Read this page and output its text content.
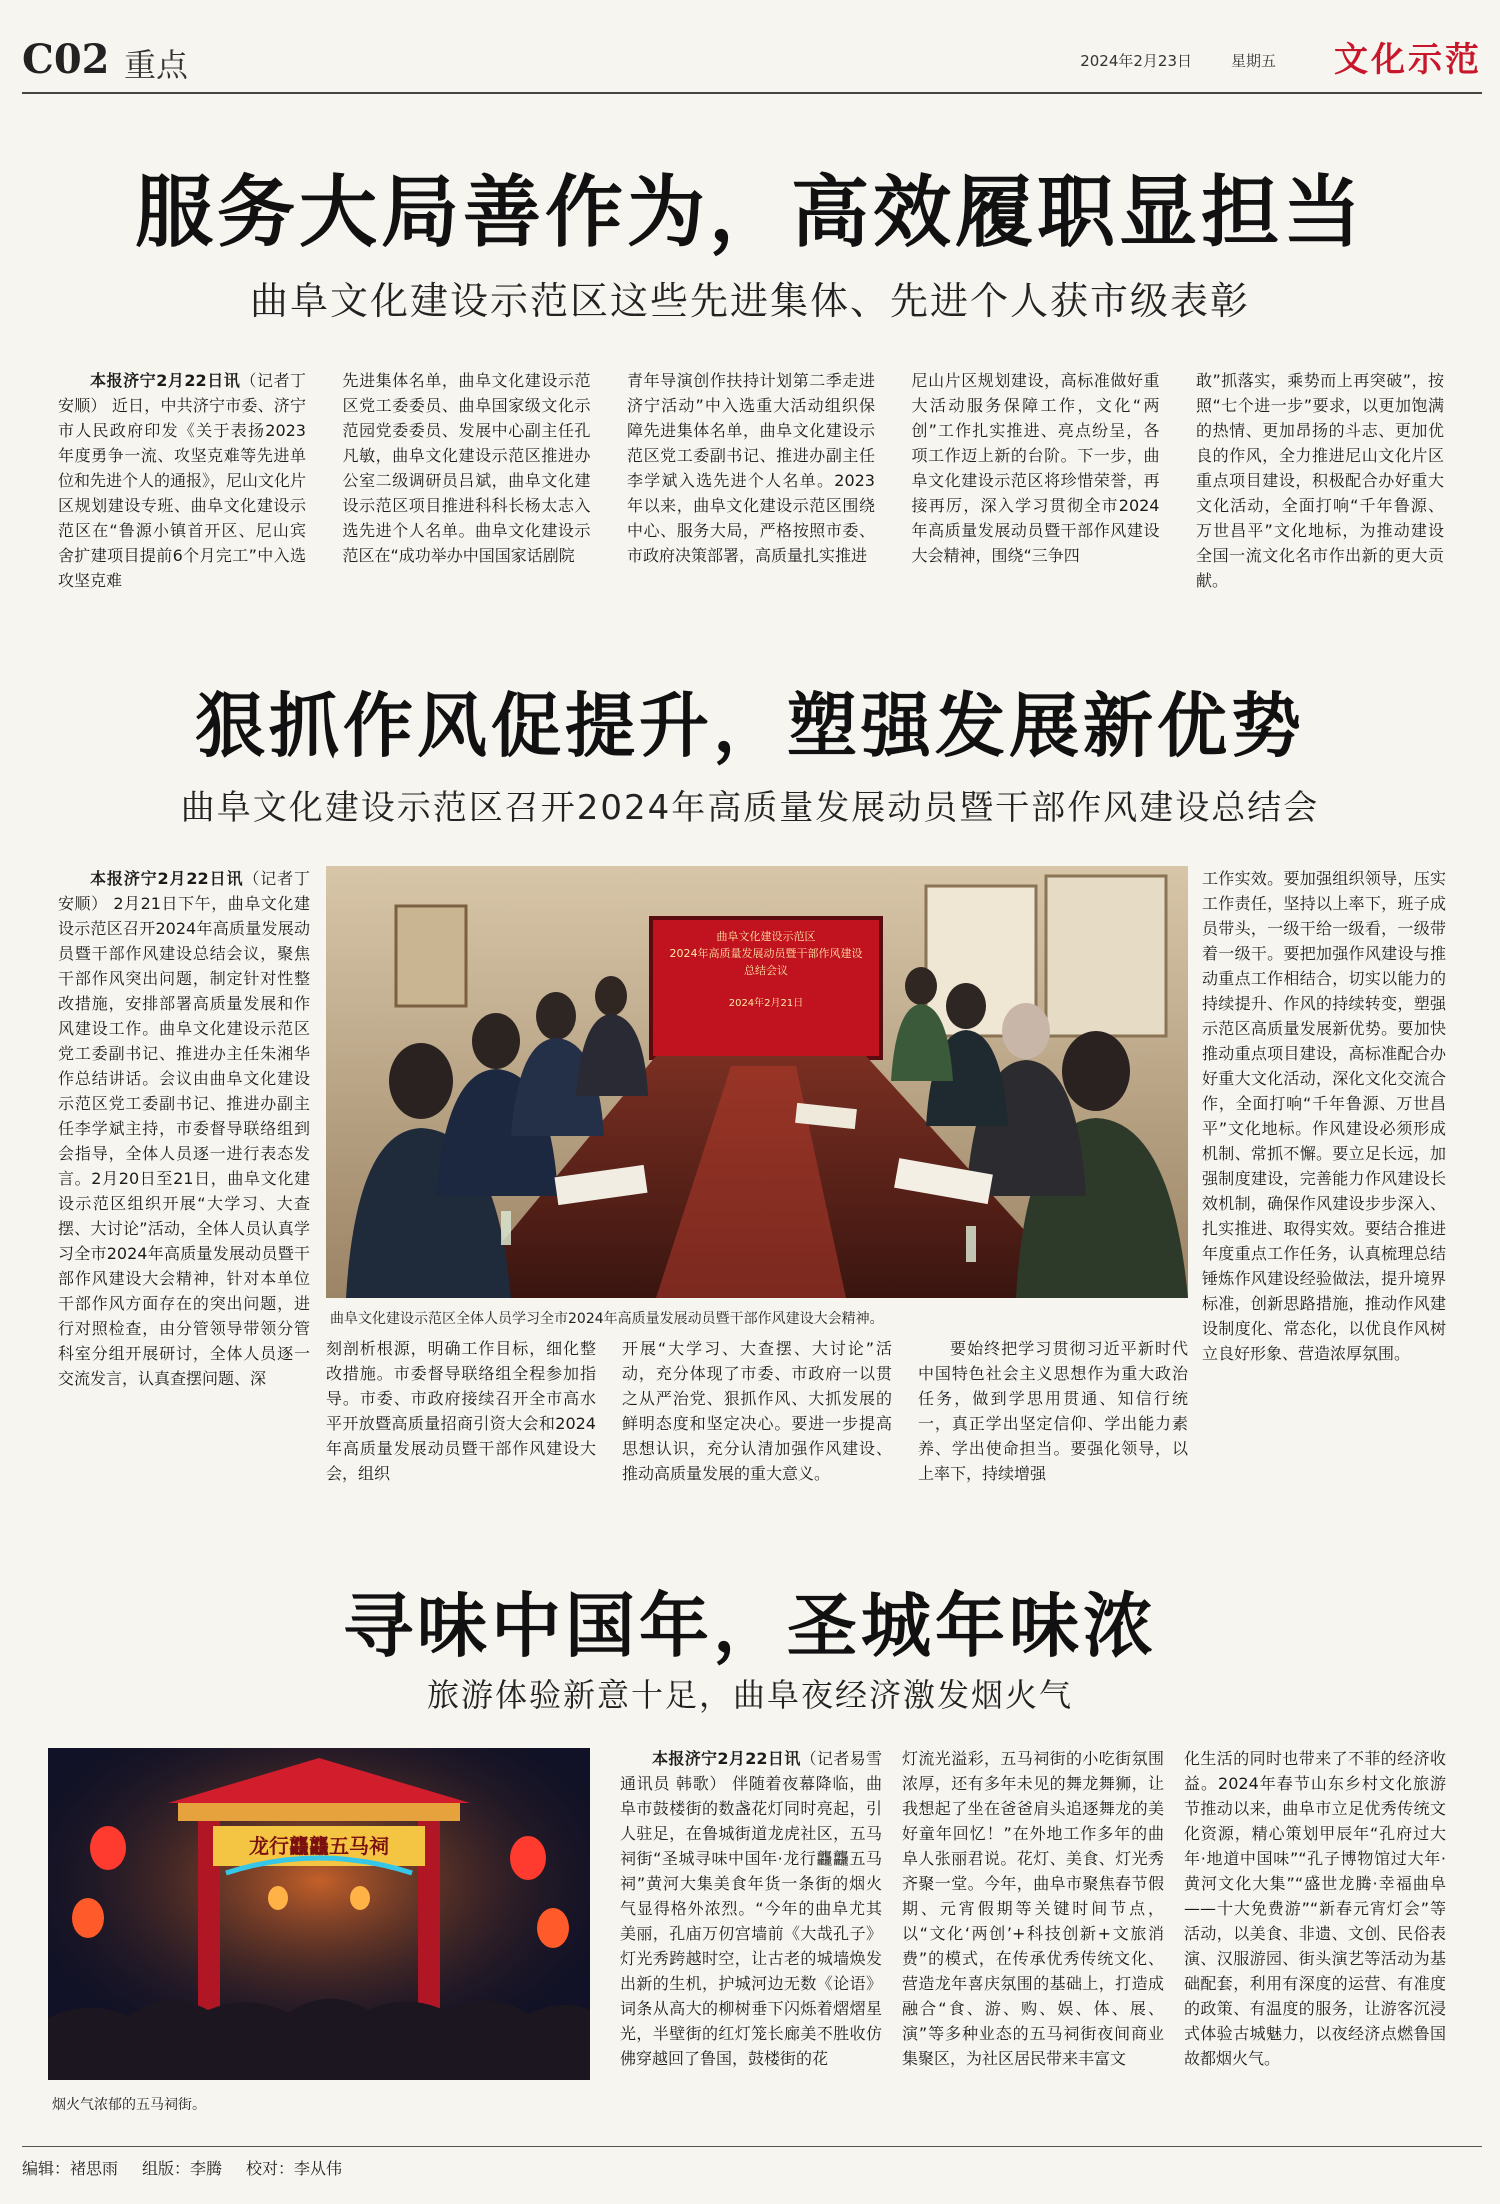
C02 重点	2024年2月23日	星期五 文化示范
服务大局善作为，高效履职显担当
曲阜文化建设示范区这些先进集体、先进个人获市级表彰

本报济宁2月22日讯（记者丁安顺） 近日，中共济宁市委、济宁市人民政府印发《关于表扬2023年度勇争一流、攻坚克难等先进单位和先进个人的通报》，尼山文化片区规划建设专班、曲阜文化建设示范区在“鲁源小镇首开区、尼山宾舍扩建项目提前6个月完工”中入选攻坚克难

先进集体名单，曲阜文化建设示范区党工委委员、曲阜国家级文化示范园党委委员、发展中心副主任孔凡敏，曲阜文化建设示范区推进办公室二级调研员吕斌，曲阜文化建设示范区项目推进科科长杨太志入选先进个人名单。曲阜文化建设示范区在“成功举办中国国家话剧院
青年导演创作扶持计划第二季走进济宁活动”中入选重大活动组织保障先进集体名单，曲阜文化建设示范区党工委副书记、推进办副主任李学斌入选先进个人名单。2023年以来，曲阜文化建设示范区围绕中心、服务大局，严格按照市委、市政府决策部署，高质量扎实推进
尼山片区规划建设，高标准做好重大活动服务保障工作，文化“两创”工作扎实推进、亮点纷呈，各项工作迈上新的台阶。下一步，曲阜文化建设示范区将珍惜荣誉，再接再厉，深入学习贯彻全市2024年高质量发展动员暨干部作风建设大会精神，围绕“三争四
敢”抓落实，乘势而上再突破”，按照“七个进一步”要求，以更加饱满的热情、更加昂扬的斗志、更加优良的作风，全力推进尼山文化片区重点项目建设，积极配合办好重大文化活动，全面打响“千年鲁源、万世昌平”文化地标，为推动建设全国一流文化名市作出新的更大贡献。
狠抓作风促提升，塑强发展新优势
曲阜文化建设示范区召开2024年高质量发展动员暨干部作风建设总结会

本报济宁2月22日讯（记者丁安顺） 2月21日下午，曲阜文化建设示范区召开2024年高质量发展动员暨干部作风建设总结会议，聚焦干部作风突出问题，制定针对性整改措施，安排部署高质量发展和作风建设工作。曲阜文化建设示范区党工委副书记、推进办主任朱湘华作总结讲话。会议由曲阜文化建设示范区党工委副书记、推进办副主任李学斌主持，市委督导联络组到会指导，全体人员逐一进行表态发言。2月20日至21日，曲阜文化建设示范区组织开展“大学习、大查摆、大讨论”活动，全体人员认真学习全市2024年高质量发展动员暨干部作风建设大会精神，针对本单位干部作风方面存在的突出问题，进行对照检查，由分管领导带领分管科室分组开展研讨，全体人员逐一交流发言，认真查摆问题、深

曲阜文化建设示范区
2024年高质量发展动员暨干部作风建设
总结会议
2024年2月21日
曲阜文化建设示范区全体人员学习全市2024年高质量发展动员暨干部作风建设大会精神。
工作实效。要加强组织领导，压实工作责任，坚持以上率下，班子成员带头，一级干给一级看，一级带着一级干。要把加强作风建设与推动重点工作相结合，切实以能力的持续提升、作风的持续转变，塑强示范区高质量发展新优势。要加快推动重点项目建设，高标准配合办好重大文化活动，深化文化交流合作，全面打响“千年鲁源、万世昌平”文化地标。作风建设必须形成机制、常抓不懈。要立足长远，加强制度建设，完善能力作风建设长效机制，确保作风建设步步深入、扎实推进、取得实效。要结合推进年度重点工作任务，认真梳理总结锤炼作风建设经验做法，提升境界标准，创新思路措施，推动作风建设制度化、常态化，以优良作风树立良好形象、营造浓厚氛围。
刻剖析根源，明确工作目标，细化整改措施。市委督导联络组全程参加指导。市委、市政府接续召开全市高水平开放暨高质量招商引资大会和2024年高质量发展动员暨干部作风建设大会，组织
开展“大学习、大查摆、大讨论”活动，充分体现了市委、市政府一以贯之从严治党、狠抓作风、大抓发展的鲜明态度和坚定决心。要进一步提高思想认识，充分认清加强作风建设、推动高质量发展的重大意义。

要始终把学习贯彻习近平新时代中国特色社会主义思想作为重大政治任务，做到学思用贯通、知信行统一，真正学出坚定信仰、学出能力素养、学出使命担当。要强化领导，以上率下，持续增强

寻味中国年，圣城年味浓
旅游体验新意十足，曲阜夜经济激发烟火气
龙行龘龘五马祠
烟火气浓郁的五马祠街。

本报济宁2月22日讯（记者易雪 通讯员 韩歌） 伴随着夜幕降临，曲阜市鼓楼街的数盏花灯同时亮起，引人驻足，在鲁城街道龙虎社区，五马祠街“圣城寻味中国年·龙行龘龘五马祠”黄河大集美食年货一条街的烟火气显得格外浓烈。“今年的曲阜尤其美丽，孔庙万仞宫墙前《大哉孔子》灯光秀跨越时空，让古老的城墙焕发出新的生机，护城河边无数《论语》词条从高大的柳树垂下闪烁着熠熠星光，半壁街的红灯笼长廊美不胜收仿佛穿越回了鲁国，鼓楼街的花

灯流光溢彩，五马祠街的小吃街氛围浓厚，还有多年未见的舞龙舞狮，让我想起了坐在爸爸肩头追逐舞龙的美好童年回忆！”在外地工作多年的曲阜人张丽君说。花灯、美食、灯光秀齐聚一堂。今年，曲阜市聚焦春节假期、元宵假期等关键时间节点，以“文化‘两创’+科技创新+文旅消费”的模式，在传承优秀传统文化、营造龙年喜庆氛围的基础上，打造成融合“食、游、购、娱、体、展、演”等多种业态的五马祠街夜间商业集聚区，为社区居民带来丰富文
化生活的同时也带来了不菲的经济收益。2024年春节山东乡村文化旅游节推动以来，曲阜市立足优秀传统文化资源，精心策划甲辰年“孔府过大年·地道中国味”“孔子博物馆过大年·黄河文化大集”“盛世龙腾·幸福曲阜——十大免费游”“新春元宵灯会”等活动，以美食、非遗、文创、民俗表演、汉服游园、街头演艺等活动为基础配套，利用有深度的运营、有准度的政策、有温度的服务，让游客沉浸式体验古城魅力，以夜经济点燃鲁国故都烟火气。
编辑：褚思雨 组版：李腾 校对：李从伟
